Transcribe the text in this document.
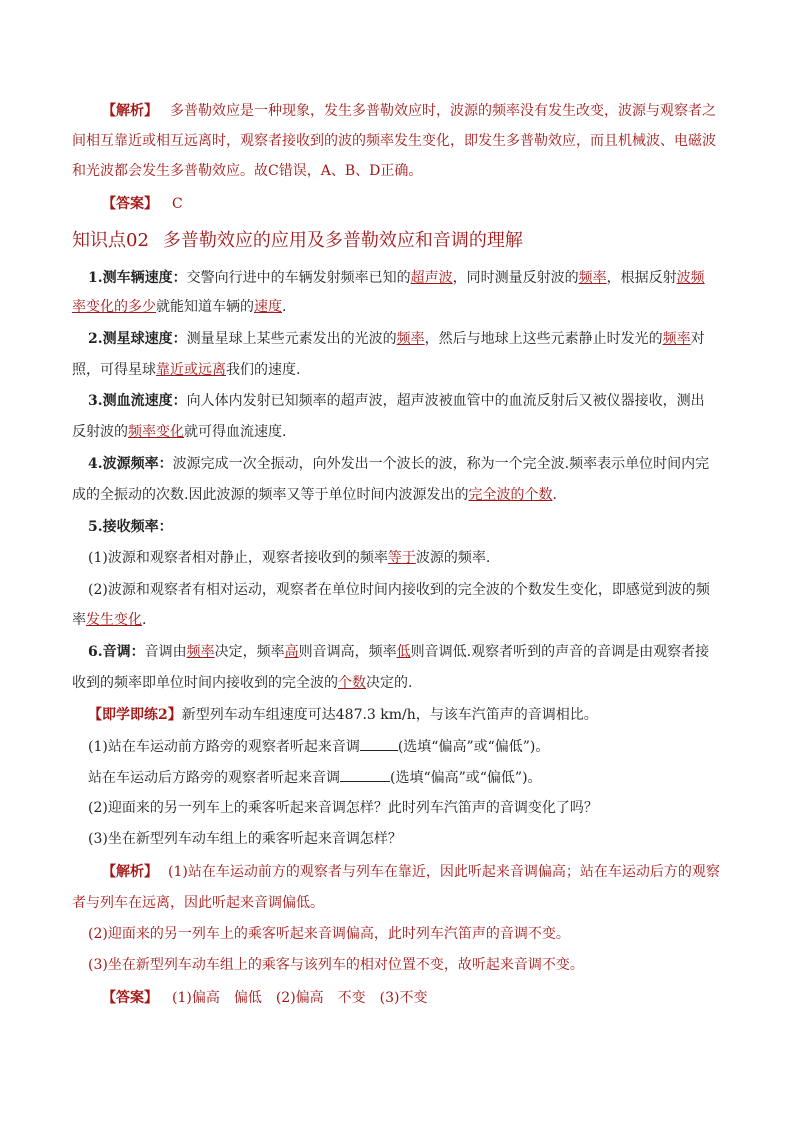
【解析】 多普勒效应是一种现象，发生多普勒效应时，波源的频率没有发生改变，波源与观察者之
间相互靠近或相互远离时，观察者接收到的波的频率发生变化，即发生多普勒效应，而且机械波、电磁波
和光波都会发生多普勒效应。故C错误，A、B、D正确。
【答案】 C
知识点02 多普勒效应的应用及多普勒效应和音调的理解
1.测车辆速度：交警向行进中的车辆发射频率已知的超声波，同时测量反射波的频率，根据反射波频
率变化的多少就能知道车辆的速度.
2.测星球速度：测量星球上某些元素发出的光波的频率，然后与地球上这些元素静止时发光的频率对
照，可得星球靠近或远离我们的速度.
3.测血流速度：向人体内发射已知频率的超声波，超声波被血管中的血流反射后又被仪器接收，测出
反射波的频率变化就可得血流速度.
4.波源频率：波源完成一次全振动，向外发出一个波长的波，称为一个完全波.频率表示单位时间内完
成的全振动的次数.因此波源的频率又等于单位时间内波源发出的完全波的个数.
5.接收频率：
(1)波源和观察者相对静止，观察者接收到的频率等于波源的频率.
(2)波源和观察者有相对运动，观察者在单位时间内接收到的完全波的个数发生变化，即感觉到波的频
率发生变化.
6.音调：音调由频率决定，频率高则音调高，频率低则音调低.观察者听到的声音的音调是由观察者接
收到的频率即单位时间内接收到的完全波的个数决定的.
【即学即练2】新型列车动车组速度可达487.3 km/h，与该车汽笛声的音调相比。
(1)站在车运动前方路旁的观察者听起来音调	(选填“偏高”或“偏低”)。
站在车运动后方路旁的观察者听起来音调	(选填“偏高”或“偏低”)。
(2)迎面来的另一列车上的乘客听起来音调怎样？此时列车汽笛声的音调变化了吗？
(3)坐在新型列车动车组上的乘客听起来音调怎样？
【解析】 (1)站在车运动前方的观察者与列车在靠近，因此听起来音调偏高；站在车运动后方的观察
者与列车在远离，因此听起来音调偏低。
(2)迎面来的另一列车上的乘客听起来音调偏高，此时列车汽笛声的音调不变。
(3)坐在新型列车动车组上的乘客与该列车的相对位置不变，故听起来音调不变。
【答案】 (1)偏高　偏低　(2)偏高　不变　(3)不变
